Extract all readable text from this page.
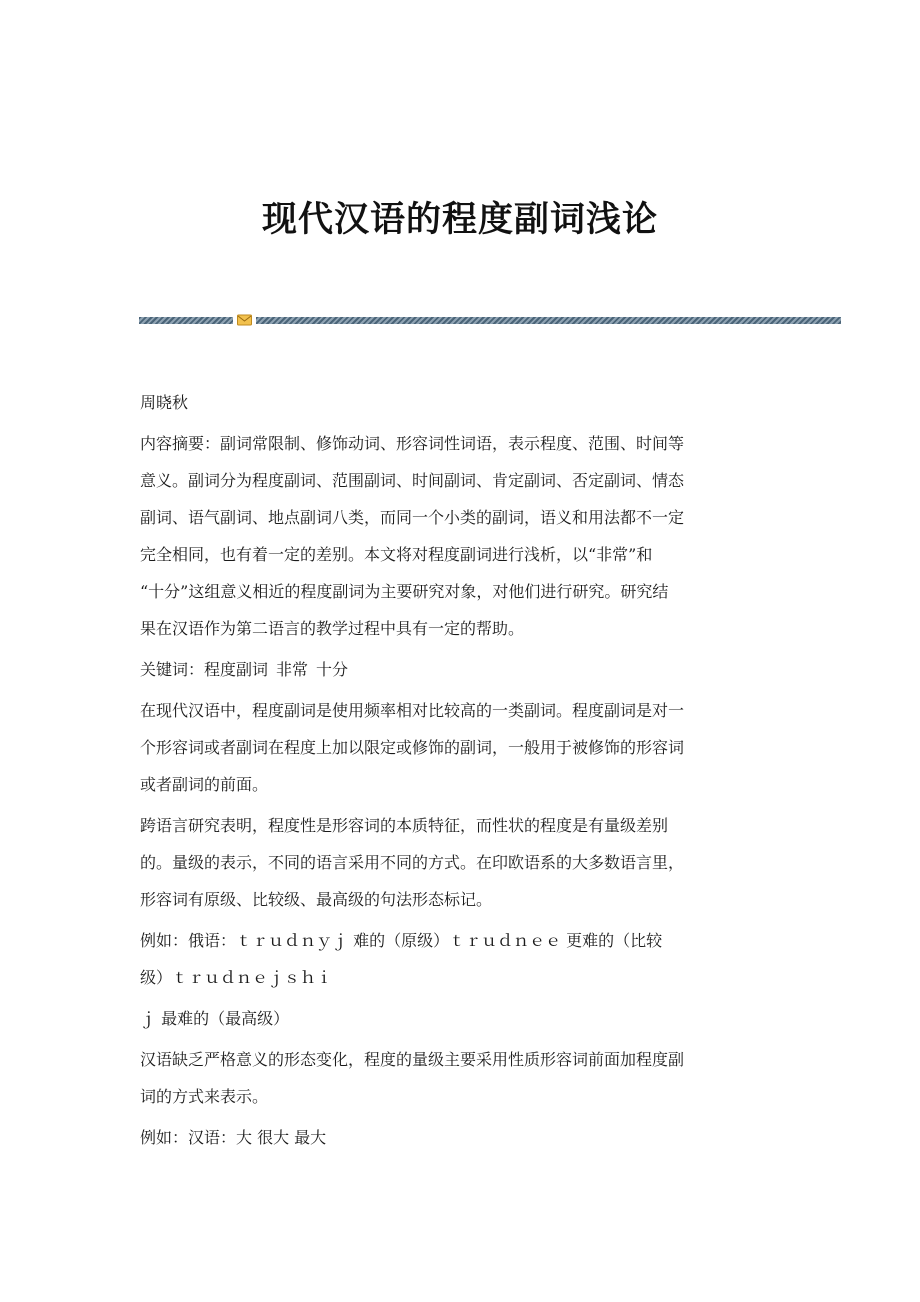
现代汉语的程度副词浅论

周晓秋

内容摘要：副词常限制、修饰动词、形容词性词语，表示程度、范围、时间等
意义。副词分为程度副词、范围副词、时间副词、肯定副词、否定副词、情态
副词、语气副词、地点副词八类，而同一个小类的副词，语义和用法都不一定
完全相同，也有着一定的差别。本文将对程度副词进行浅析，以“非常”和
“十分”这组意义相近的程度副词为主要研究对象，对他们进行研究。研究结
果在汉语作为第二语言的教学过程中具有一定的帮助。

关键词：程度副词 非常 十分

在现代汉语中，程度副词是使用频率相对比较高的一类副词。程度副词是对一
个形容词或者副词在程度上加以限定或修饰的副词，一般用于被修饰的形容词
或者副词的前面。

跨语言研究表明，程度性是形容词的本质特征，而性状的程度是有量级差别
的。量级的表示，不同的语言采用不同的方式。在印欧语系的大多数语言里，
形容词有原级、比较级、最高级的句法形态标记。

例如：俄语：ｔｒｕｄｎｙｊ 难的（原级）ｔｒｕｄｎｅｅ 更难的（比较
级）ｔｒｕｄｎｅｊｓｈｉ

ｊ 最难的（最高级）

汉语缺乏严格意义的形态变化，程度的量级主要采用性质形容词前面加程度副
词的方式来表示。

例如：汉语：大 很大 最大
